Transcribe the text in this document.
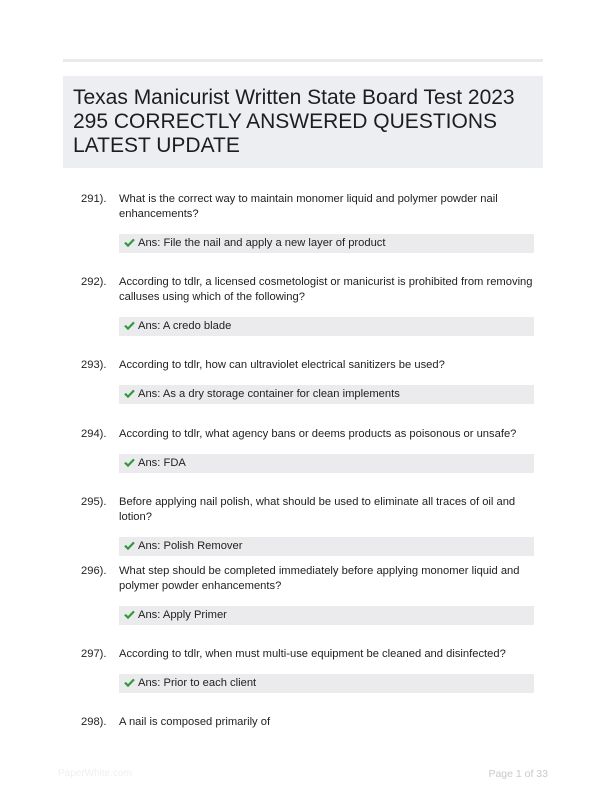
Texas Manicurist Written State Board Test 2023
295 CORRECTLY ANSWERED QUESTIONS
LATEST UPDATE
291).	What is the correct way to maintain monomer liquid and polymer powder nail
enhancements?
Ans: File the nail and apply a new layer of product
292).	According to tdlr, a licensed cosmetologist or manicurist is prohibited from removing
calluses using which of the following?
Ans: A credo blade
293).	According to tdlr, how can ultraviolet electrical sanitizers be used?
Ans: As a dry storage container for clean implements
294).	According to tdlr, what agency bans or deems products as poisonous or unsafe?
Ans: FDA
295).	Before applying nail polish, what should be used to eliminate all traces of oil and lotion?
Ans: Polish Remover
296).	What step should be completed immediately before applying monomer liquid and
polymer powder enhancements?
Ans: Apply Primer
297).	According to tdlr, when must multi-use equipment be cleaned and disinfected?
Ans: Prior to each client
298).	A nail is composed primarily of
PaperWhite.com	Page 1 of 33
